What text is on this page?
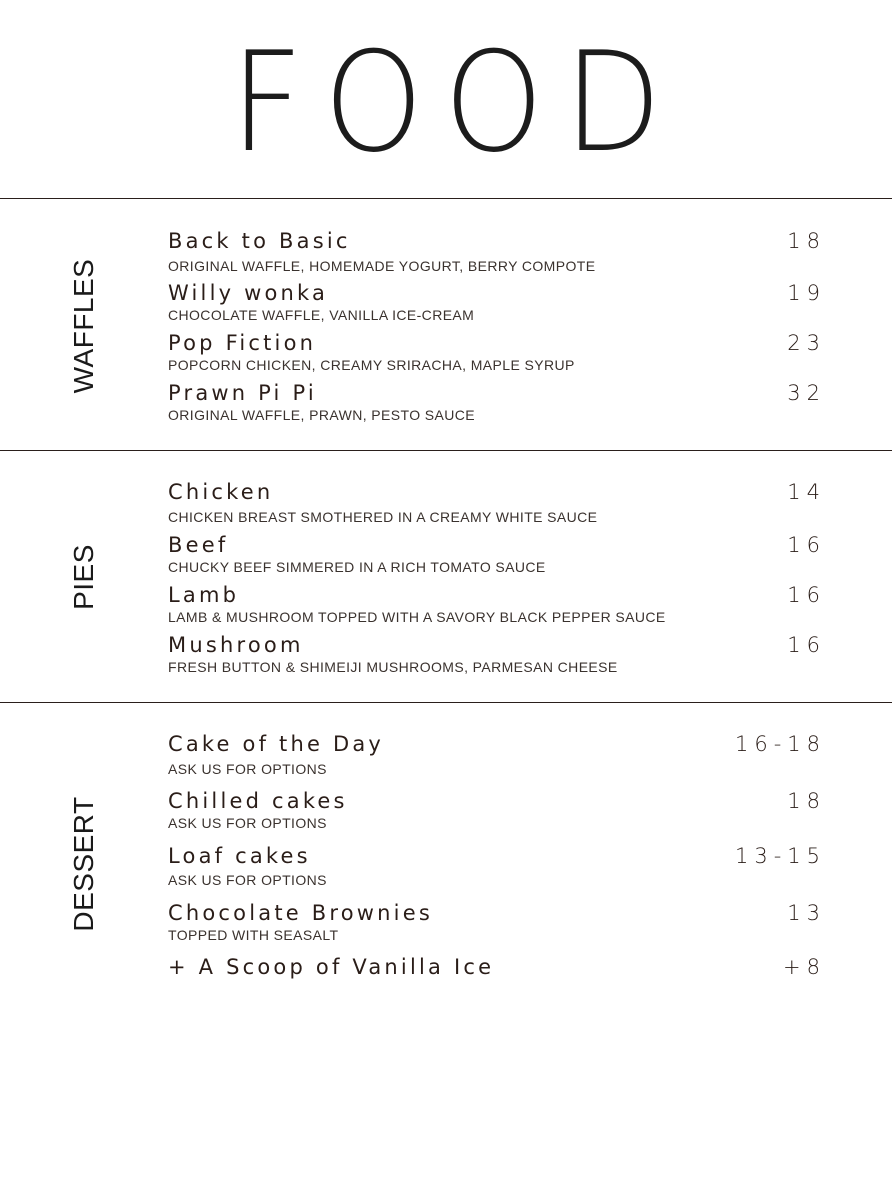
FOOD
WAFFLES
Back to Basic	18
ORIGINAL WAFFLE, HOMEMADE YOGURT, BERRY COMPOTE
Willy wonka	19
CHOCOLATE WAFFLE, VANILLA ICE-CREAM
Pop Fiction	23
POPCORN CHICKEN, CREAMY SRIRACHA, MAPLE SYRUP
Prawn Pi Pi	32
ORIGINAL WAFFLE, PRAWN, PESTO SAUCE
PIES
Chicken	14
CHICKEN BREAST SMOTHERED IN A CREAMY WHITE SAUCE
Beef	16
CHUCKY BEEF SIMMERED IN A RICH TOMATO SAUCE
Lamb	16
LAMB & MUSHROOM TOPPED WITH A SAVORY BLACK PEPPER SAUCE
Mushroom	16
FRESH BUTTON & SHIMEIJI MUSHROOMS, PARMESAN CHEESE
DESSERT
Cake of the Day	16-18
ASK US FOR OPTIONS
Chilled cakes	18
ASK US FOR OPTIONS
Loaf cakes	13-15
ASK US FOR OPTIONS
Chocolate Brownies	13
TOPPED WITH SEASALT
+ A Scoop of Vanilla Ice	+8
